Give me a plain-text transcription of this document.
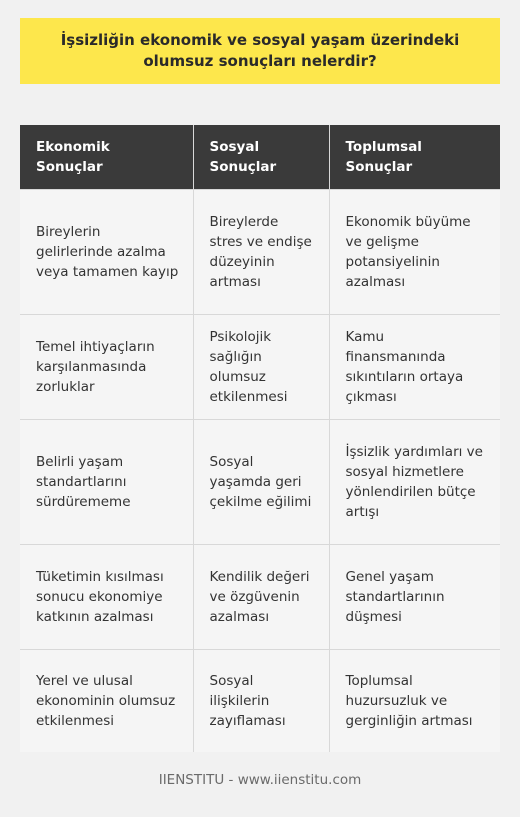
İşsizliğin ekonomik ve sosyal yaşam üzerindeki olumsuz sonuçları nelerdir?
Ekonomik Sonuçlar	Sosyal Sonuçlar	Toplumsal Sonuçlar
Bireylerin gelirlerinde azalma veya tamamen kayıp	Bireylerde stres ve endişe düzeyinin artması	Ekonomik büyüme ve gelişme potansiyelinin azalması
Temel ihtiyaçların karşılanmasında zorluklar	Psikolojik sağlığın olumsuz etkilenmesi	Kamu finansmanında sıkıntıların ortaya çıkması
Belirli yaşam standartlarını sürdürememe	Sosyal yaşamda geri çekilme eğilimi	İşsizlik yardımları ve sosyal hizmetlere yönlendirilen bütçe artışı
Tüketimin kısılması sonucu ekonomiye katkının azalması	Kendilik değeri ve özgüvenin azalması	Genel yaşam standartlarının düşmesi
Yerel ve ulusal ekonominin olumsuz etkilenmesi	Sosyal ilişkilerin zayıflaması	Toplumsal huzursuzluk ve gerginliğin artması
IIENSTITU - www.iienstitu.com
